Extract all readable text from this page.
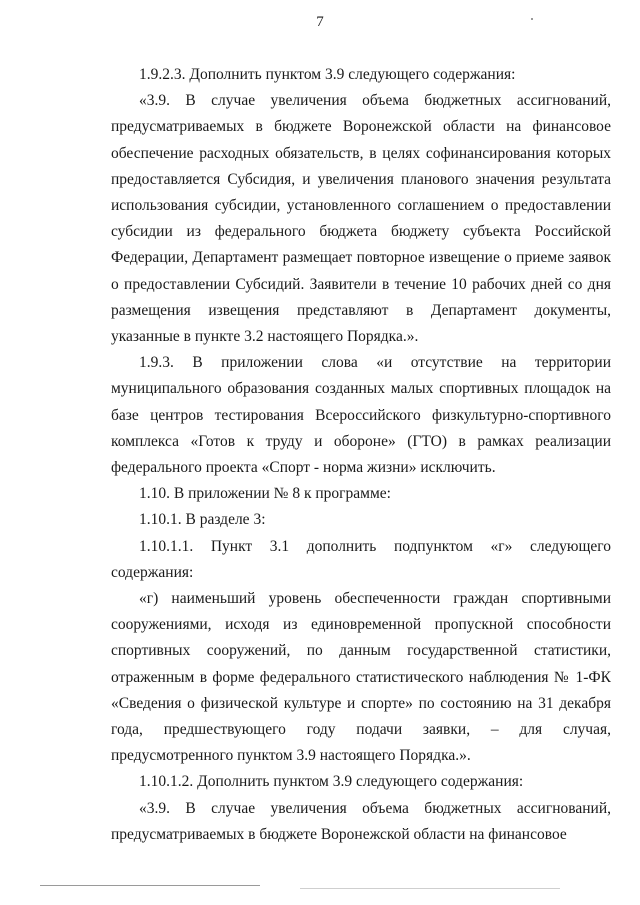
7

1.9.2.3. Дополнить пунктом 3.9 следующего содержания:

«3.9. В случае увеличения объема бюджетных ассигнований, предусматриваемых в бюджете Воронежской области на финансовое обеспечение расходных обязательств, в целях софинансирования которых предоставляется Субсидия, и увеличения планового значения результата использования субсидии, установленного соглашением о предоставлении субсидии из федерального бюджета бюджету субъекта Российской Федерации, Департамент размещает повторное извещение о приеме заявок о предоставлении Субсидий. Заявители в течение 10 рабочих дней со дня размещения извещения представляют в Департамент документы, указанные в пункте 3.2 настоящего Порядка.».

1.9.3. В приложении слова «и отсутствие на территории муниципального образования созданных малых спортивных площадок на базе центров тестирования Всероссийского физкультурно-спортивного комплекса «Готов к труду и обороне» (ГТО) в рамках реализации федерального проекта «Спорт - норма жизни» исключить.

1.10. В приложении № 8 к программе:

1.10.1. В разделе 3:

1.10.1.1. Пункт 3.1 дополнить подпунктом «г» следующего содержания:

«г) наименьший уровень обеспеченности граждан спортивными сооружениями, исходя из единовременной пропускной способности спортивных сооружений, по данным государственной статистики, отраженным в форме федерального статистического наблюдения № 1-ФК «Сведения о физической культуре и спорте» по состоянию на 31 декабря года, предшествующего году подачи заявки, – для случая, предусмотренного пунктом 3.9 настоящего Порядка.».

1.10.1.2. Дополнить пунктом 3.9 следующего содержания:

«3.9. В случае увеличения объема бюджетных ассигнований, предусматриваемых в бюджете Воронежской области на финансовое
